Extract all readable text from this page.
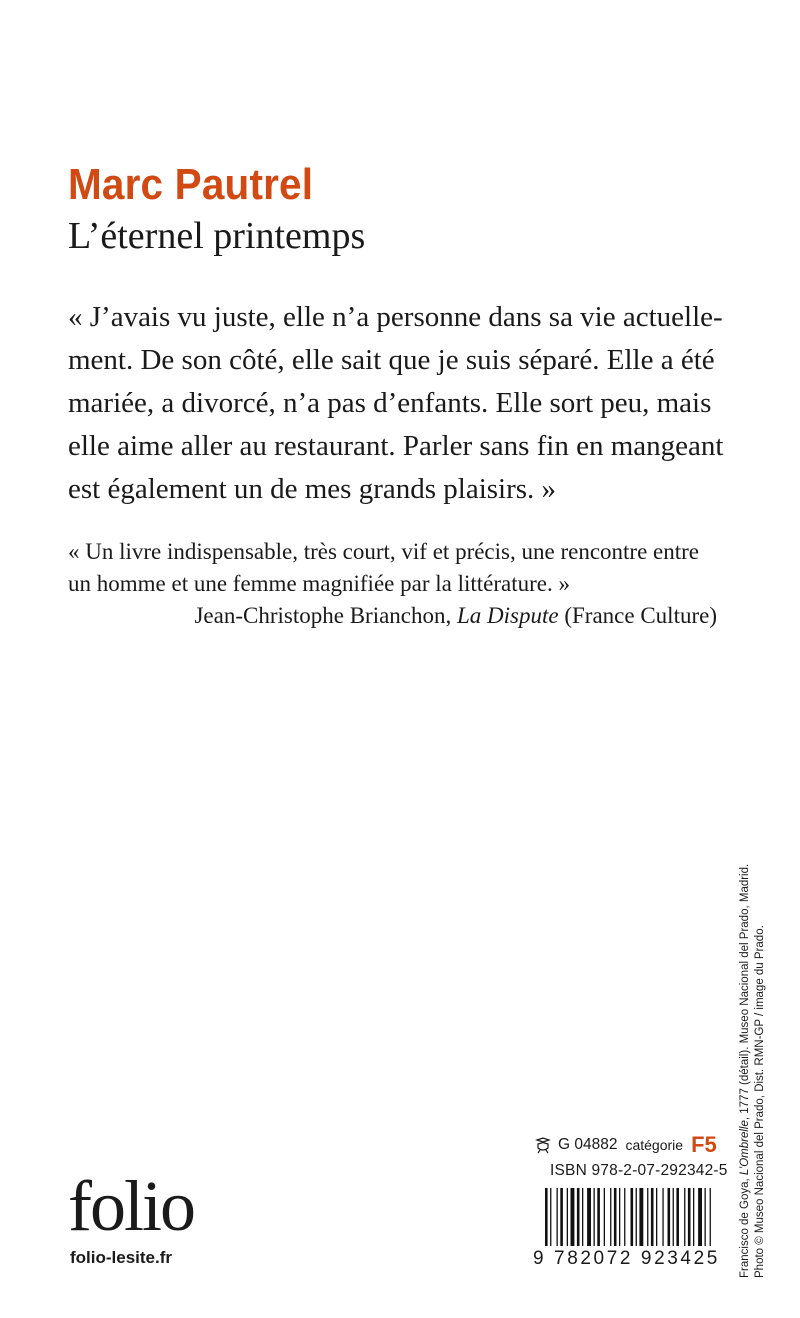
Marc Pautrel
L’éternel printemps

« J’avais vu juste, elle n’a personne dans sa vie actuelle-
ment. De son côté, elle sait que je suis séparé. Elle a été
mariée, a divorcé, n’a pas d’enfants. Elle sort peu, mais
elle aime aller au restaurant. Parler sans fin en mangeant
est également un de mes grands plaisirs. »

« Un livre indispensable, très court, vif et précis, une rencontre entre
un homme et une femme magnifiée par la littérature. »

Jean-Christophe Brianchon, La Dispute (France Culture)
Francisco de Goya, L’Ombrelle, 1777 (détail). Museo Nacional del Prado, Madrid. Photo © Museo Nacional del Prado, Dist. RMN-GP / image du Prado.
G 04882 catégorie F5
ISBN 978-2-07-292342-5
9 782072 923425
folio
folio-lesite.fr
